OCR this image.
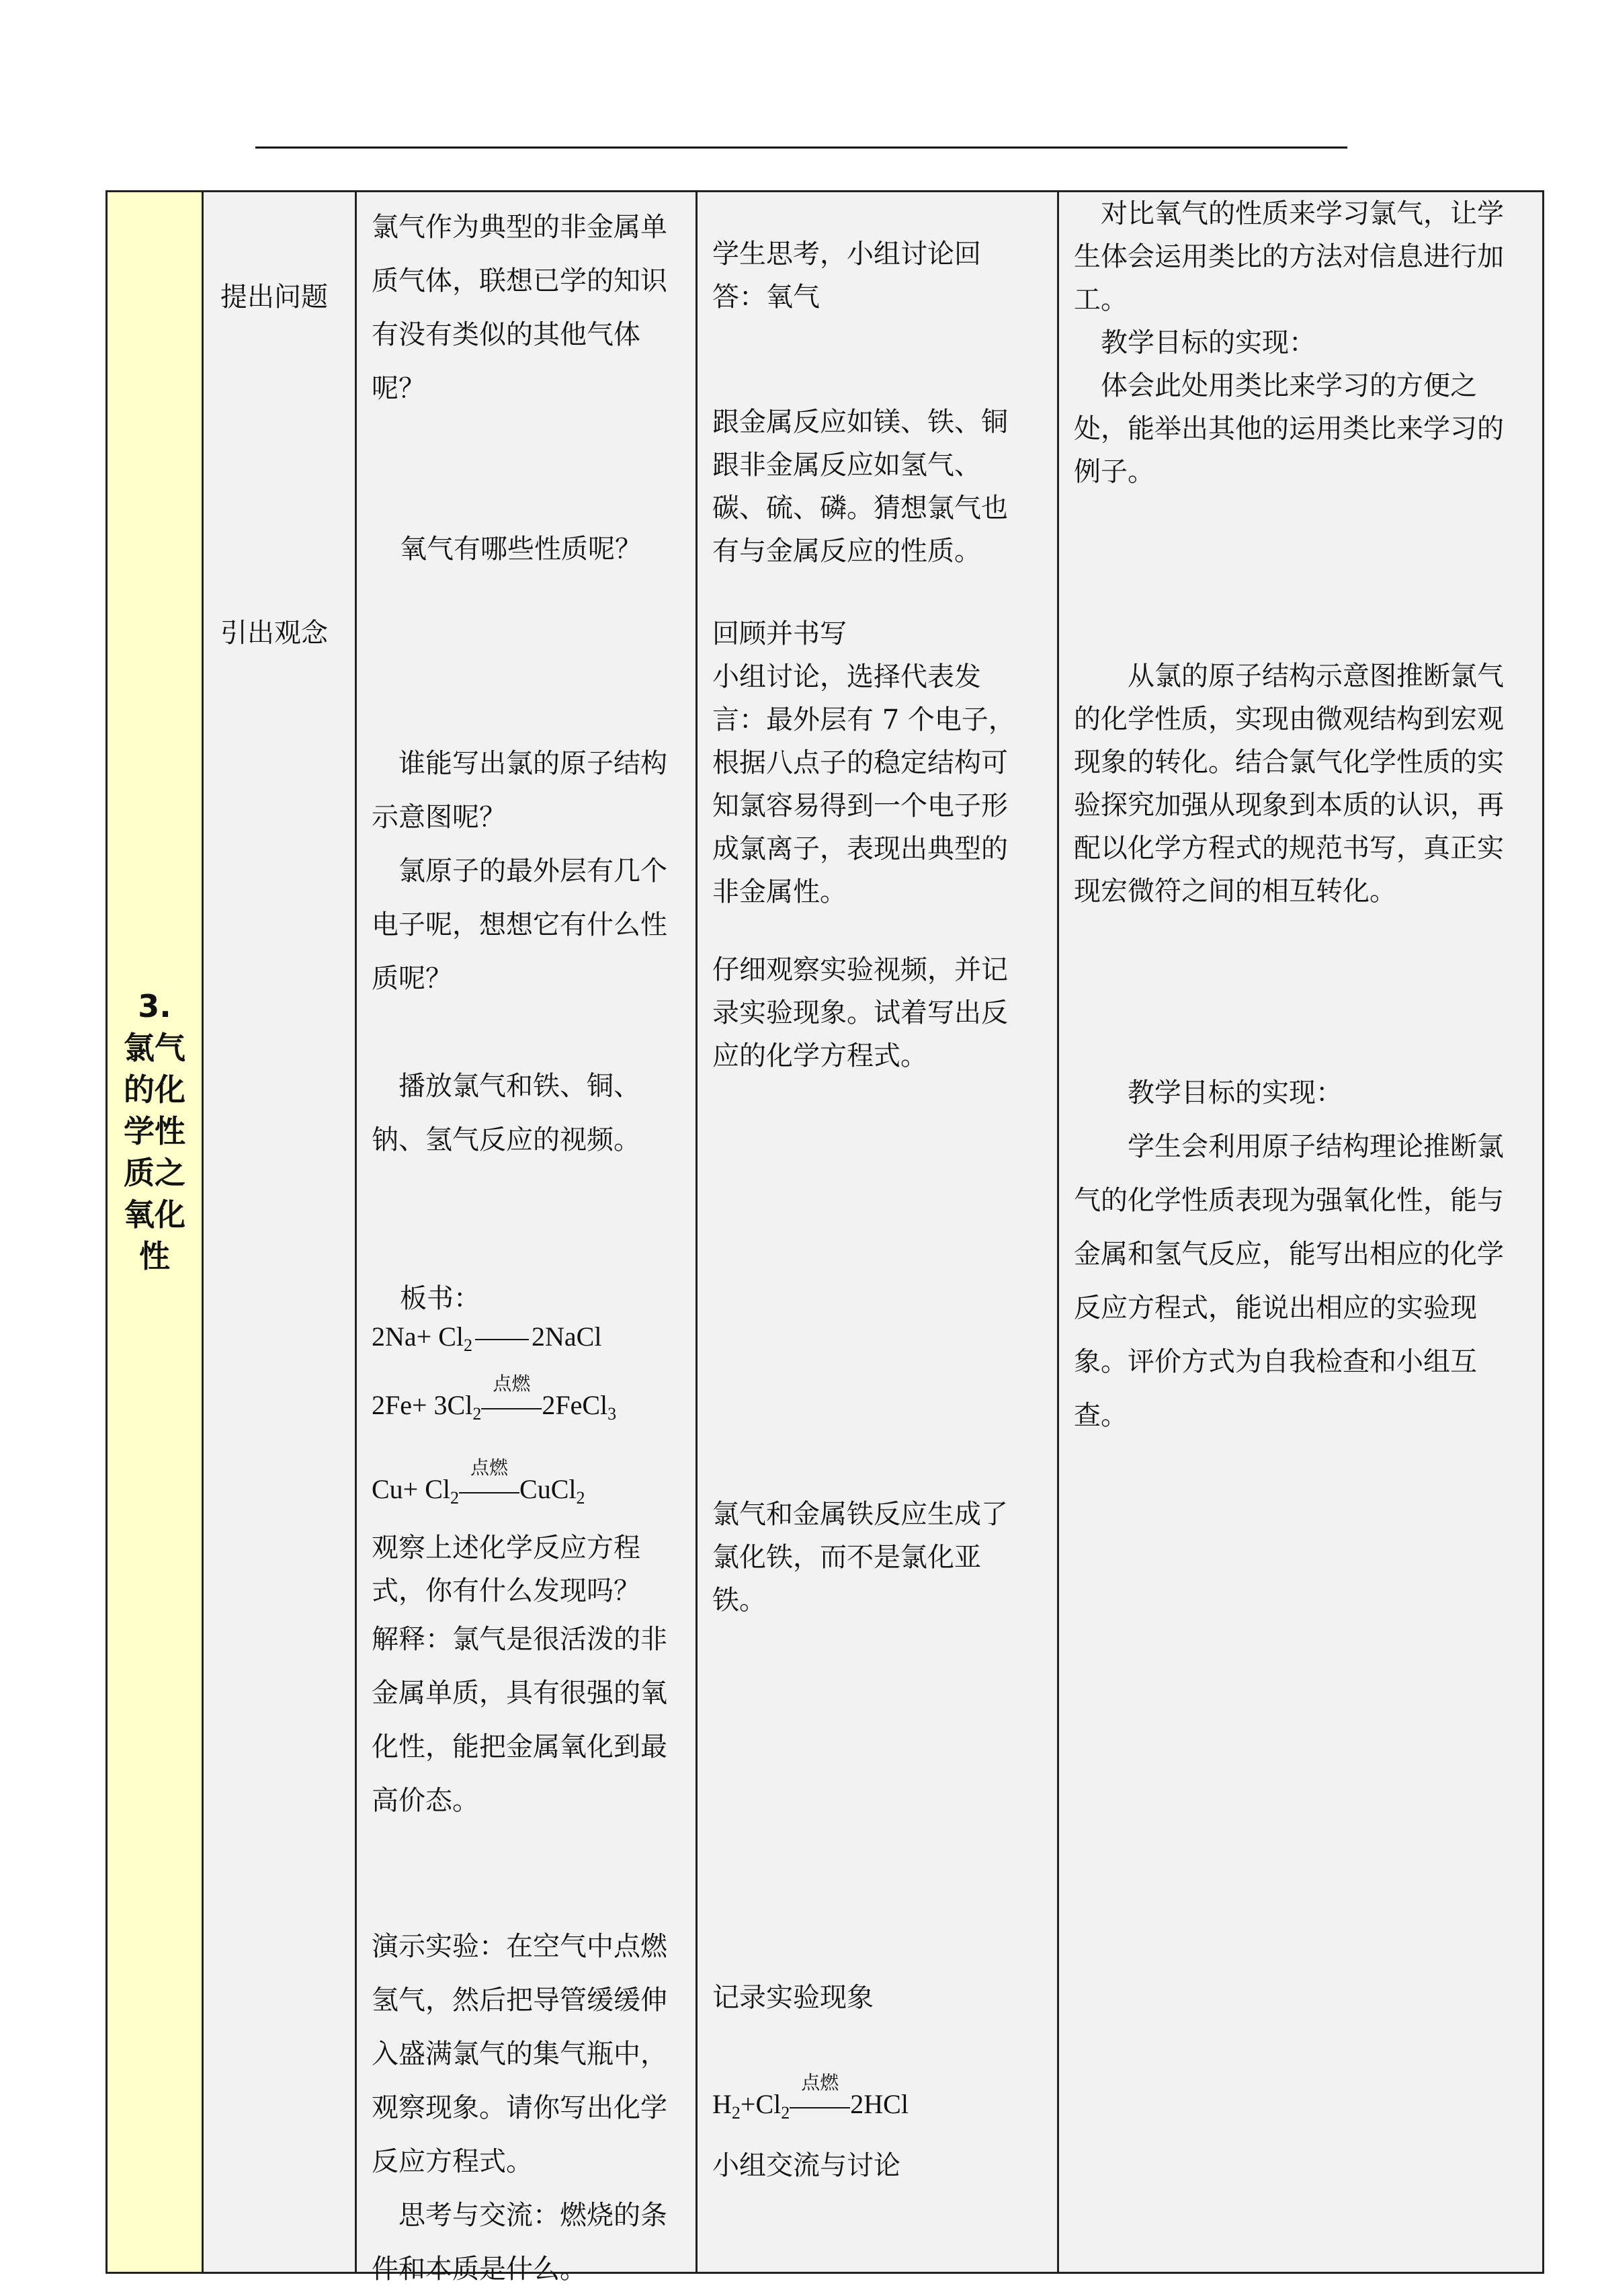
3.
氯气
的化
学性
质之
氧化
性
提出问题
引出观念
氯气作为典型的非金属单
质气体，联想已学的知识
有没有类似的其他气体
呢？
氧气有哪些性质呢？
　谁能写出氯的原子结构
示意图呢？
　氯原子的最外层有几个
电子呢，想想它有什么性
质呢？
　播放氯气和铁、铜、
钠、氢气反应的视频。
板书：
$2Na+ Cl_2$ 2NaCl
$2Fe+ 3Cl_2$
点燃
2FeCl$_3$
$Cu+ Cl_2$
点燃
CuCl$_2$
观察上述化学反应方程
式，你有什么发现吗？
解释：氯气是很活泼的非
金属单质，具有很强的氧
化性，能把金属氧化到最
高价态。
演示实验：在空气中点燃
氢气，然后把导管缓缓伸
入盛满氯气的集气瓶中，
观察现象。请你写出化学
反应方程式。
　思考与交流：燃烧的条
件和本质是什么。
学生思考，小组讨论回
答：氧气
跟金属反应如镁、铁、铜
跟非金属反应如氢气、
碳、硫、磷。猜想氯气也
有与金属反应的性质。
回顾并书写
小组讨论，选择代表发
言：最外层有 7 个电子，
根据八点子的稳定结构可
知氯容易得到一个电子形
成氯离子，表现出典型的
非金属性。
仔细观察实验视频，并记
录实验现象。试着写出反
应的化学方程式。
氯气和金属铁反应生成了
氯化铁，而不是氯化亚
铁。
记录实验现象
$H_2+Cl_2$
点燃
2HCl
小组交流与讨论
　对比氧气的性质来学习氯气，让学
生体会运用类比的方法对信息进行加
工。
　教学目标的实现：
　体会此处用类比来学习的方便之
处，能举出其他的运用类比来学习的
例子。
　　从氯的原子结构示意图推断氯气
的化学性质，实现由微观结构到宏观
现象的转化。结合氯气化学性质的实
验探究加强从现象到本质的认识，再
配以化学方程式的规范书写，真正实
现宏微符之间的相互转化。
　　教学目标的实现：
　　学生会利用原子结构理论推断氯
气的化学性质表现为强氧化性，能与
金属和氢气反应，能写出相应的化学
反应方程式，能说出相应的实验现
象。评价方式为自我检查和小组互
查。
